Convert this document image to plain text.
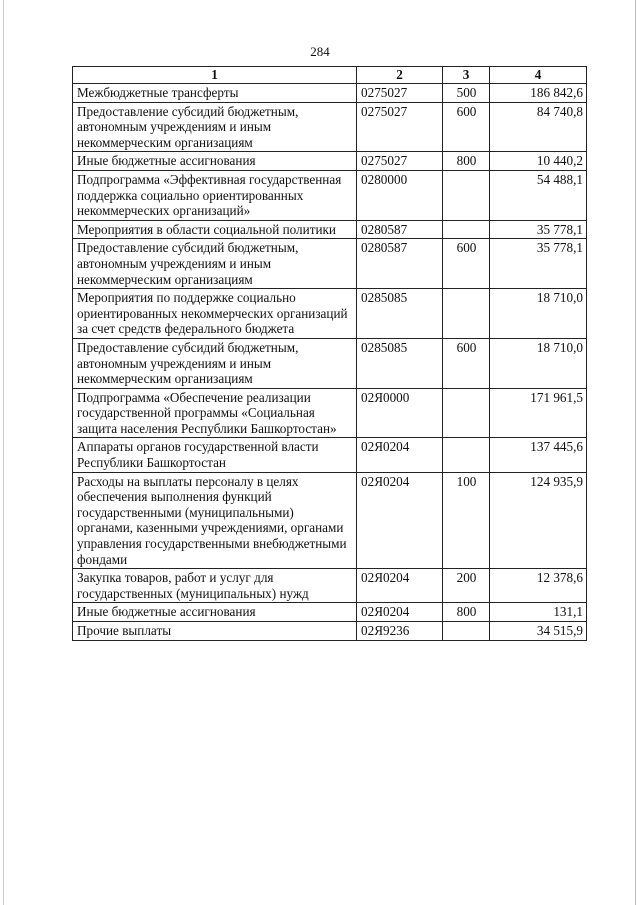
284
1	2	3	4
Межбюджетные трансферты	0275027	500	186 842,6
Предоставление субсидий бюджетным, автономным учреждениям и иным некоммерческим организациям	0275027	600	84 740,8
Иные бюджетные ассигнования	0275027	800	10 440,2
Подпрограмма «Эффективная государственная поддержка социально ориентированных некоммерческих организаций»	0280000		54 488,1
Мероприятия в области социальной политики	0280587		35 778,1
Предоставление субсидий бюджетным, автономным учреждениям и иным некоммерческим организациям	0280587	600	35 778,1
Мероприятия по поддержке социально ориентированных некоммерческих организаций за счет средств федерального бюджета	0285085		18 710,0
Предоставление субсидий бюджетным, автономным учреждениям и иным некоммерческим организациям	0285085	600	18 710,0
Подпрограмма «Обеспечение реализации государственной программы «Социальная защита населения Республики Башкортостан»	02Я0000		171 961,5
Аппараты органов государственной власти Республики Башкортостан	02Я0204		137 445,6
Расходы на выплаты персоналу в целях обеспечения выполнения функций государственными (муниципальными) органами, казенными учреждениями, органами управления государственными внебюджетными фондами	02Я0204	100	124 935,9
Закупка товаров, работ и услуг для государственных (муниципальных) нужд	02Я0204	200	12 378,6
Иные бюджетные ассигнования	02Я0204	800	131,1
Прочие выплаты	02Я9236		34 515,9
